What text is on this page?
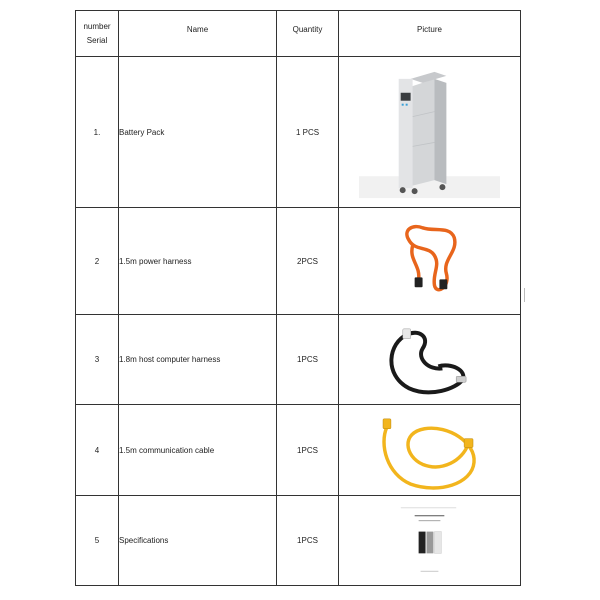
number Serial	Name	Quantity	Picture
1.	Battery Pack	1 PCS	

2	1.5m power harness	2PCS	

3	1.8m host computer harness	1PCS	

4	1.5m communication cable	1PCS	

5	Specifications	1PCS	
